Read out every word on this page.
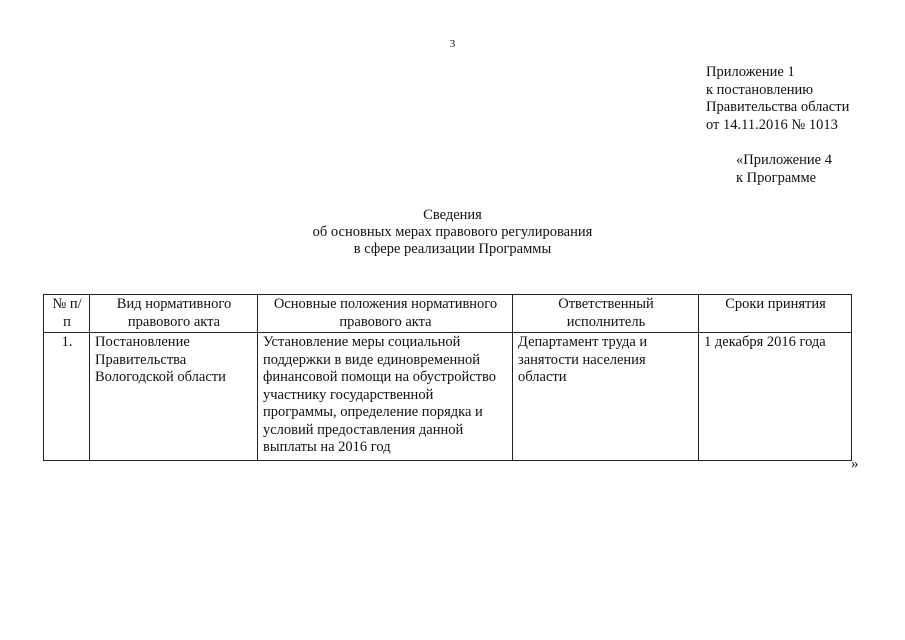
3
Приложение 1
к постановлению
Правительства области
от 14.11.2016 № 1013
«Приложение 4
к Программе
Сведения
об основных мерах правового регулирования
в сфере реализации Программы
№ п/п	Вид нормативного правового акта	Основные положения нормативного правового акта	Ответственный исполнитель	Сроки принятия
1.	Постановление Правительства Вологодской области	Установление меры социальной поддержки в виде единовременной финансовой помощи на обустройство участнику государственной программы, определение порядка и условий предоставления данной выплаты на 2016 год	Департамент труда и занятости населения области	1 декабря 2016 года
»
